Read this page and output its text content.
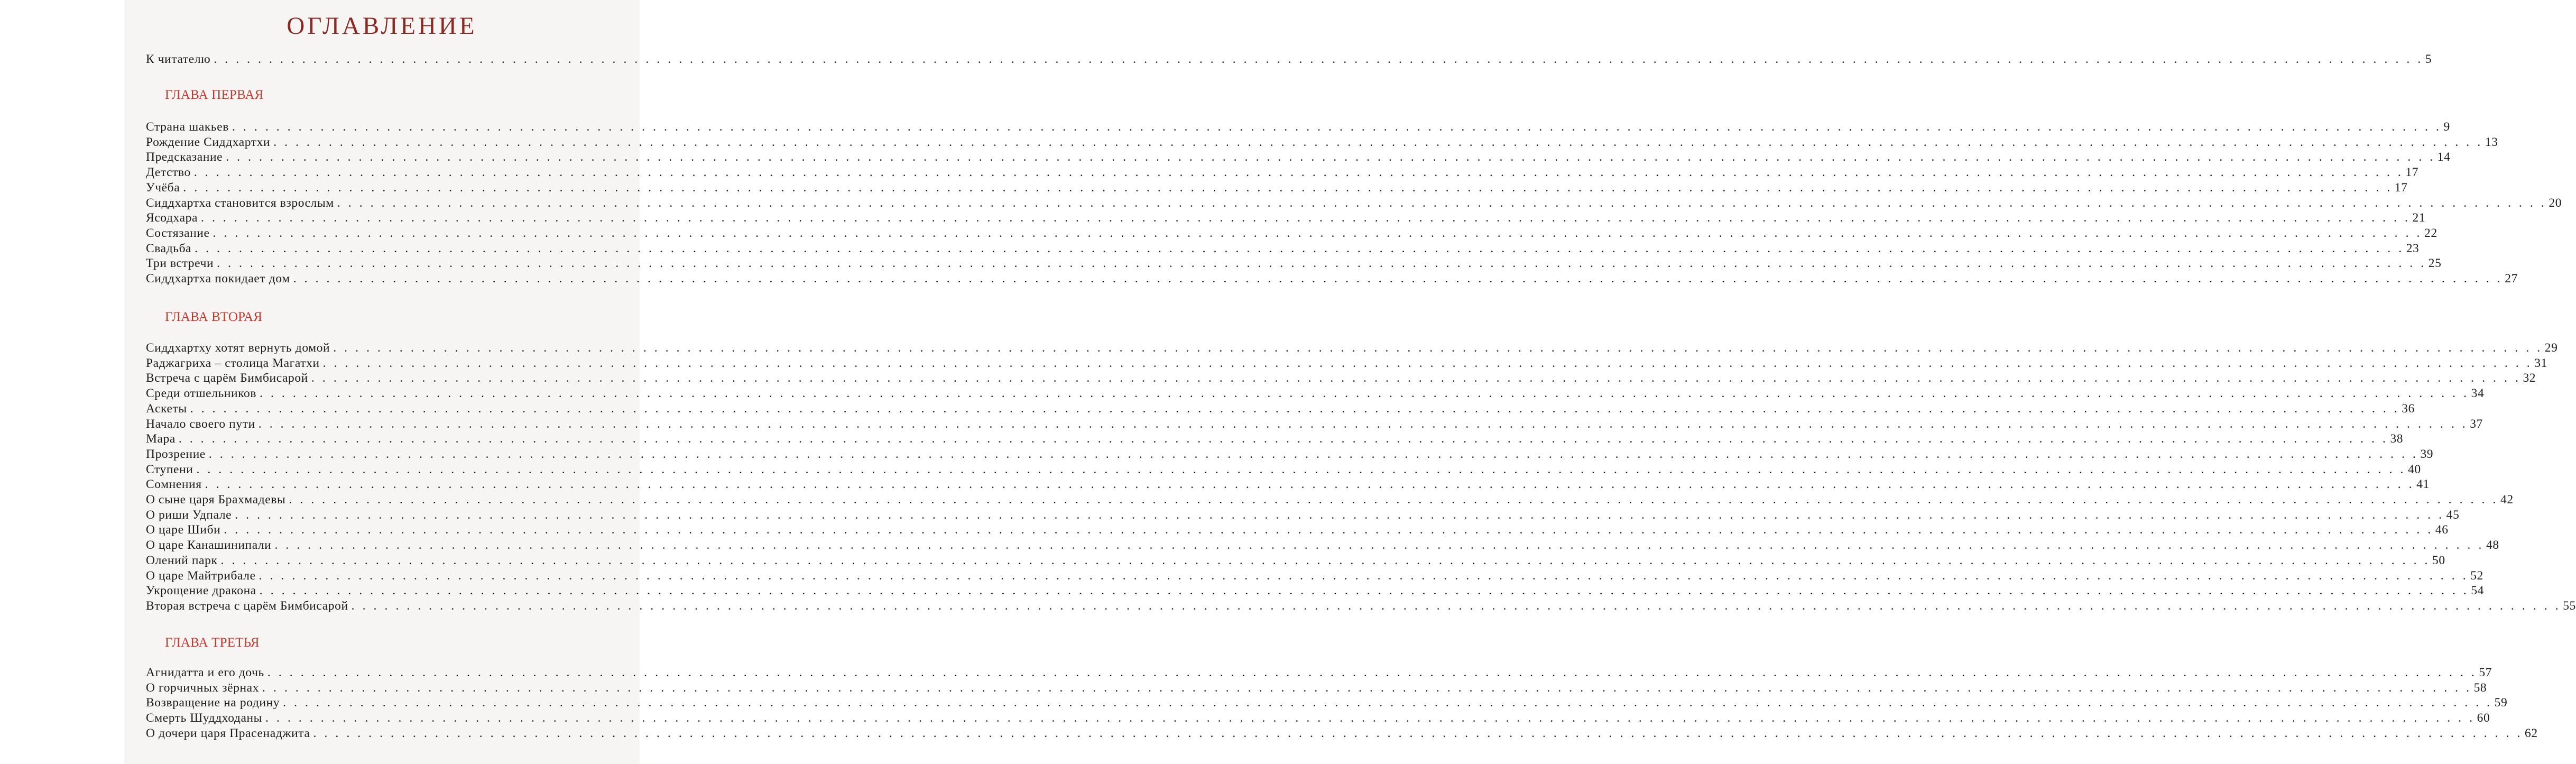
ОГЛАВЛЕНИЕ
К читателю . . . . . . . . . . . . . . . . . . . . . . . . . . . . . . . . . . . . . . . . . . . . . . . . . . . . . . . . . . . . . . . . . . . . . . . . . . . . . . . . . . . . . . . . . . . . . . . . . . . . . . . . . . . . . . . . . . . . . . . . . . . . . . . . . . . . . . . . . . . . . . . . . . . . . . . . . . . . . . . . . . . . . . . . . . . . . . . . . . . . . . . . . . . . . . . . . . . . . . . . 5
ГЛАВА ПЕРВАЯ
Страна шакьев . . . . . . . . . . . . . . . . . . . . . . . . . . . . . . . . . . . . . . . . . . . . . . . . . . . . . . . . . . . . . . . . . . . . . . . . . . . . . . . . . . . . . . . . . . . . . . . . . . . . . . . . . . . . . . . . . . . . . . . . . . . . . . . . . . . . . . . . . . . . . . . . . . . . . . . . . . . . . . . . . . . . . . . . . . . . . . . . . . . . . . . . . . . . . . . . . . . . . . . . 9
Рождение Сиддхартхи . . . . . . . . . . . . . . . . . . . . . . . . . . . . . . . . . . . . . . . . . . . . . . . . . . . . . . . . . . . . . . . . . . . . . . . . . . . . . . . . . . . . . . . . . . . . . . . . . . . . . . . . . . . . . . . . . . . . . . . . . . . . . . . . . . . . . . . . . . . . . . . . . . . . . . . . . . . . . . . . . . . . . . . . . . . . . . . . . . . . . . . . . . . . . . . . . . . . . . . . 13
Предсказание . . . . . . . . . . . . . . . . . . . . . . . . . . . . . . . . . . . . . . . . . . . . . . . . . . . . . . . . . . . . . . . . . . . . . . . . . . . . . . . . . . . . . . . . . . . . . . . . . . . . . . . . . . . . . . . . . . . . . . . . . . . . . . . . . . . . . . . . . . . . . . . . . . . . . . . . . . . . . . . . . . . . . . . . . . . . . . . . . . . . . . . . . . . . . . . . . . . . . . . . 14
Детство . . . . . . . . . . . . . . . . . . . . . . . . . . . . . . . . . . . . . . . . . . . . . . . . . . . . . . . . . . . . . . . . . . . . . . . . . . . . . . . . . . . . . . . . . . . . . . . . . . . . . . . . . . . . . . . . . . . . . . . . . . . . . . . . . . . . . . . . . . . . . . . . . . . . . . . . . . . . . . . . . . . . . . . . . . . . . . . . . . . . . . . . . . . . . . . . . . . . . . . . 17
Учёба . . . . . . . . . . . . . . . . . . . . . . . . . . . . . . . . . . . . . . . . . . . . . . . . . . . . . . . . . . . . . . . . . . . . . . . . . . . . . . . . . . . . . . . . . . . . . . . . . . . . . . . . . . . . . . . . . . . . . . . . . . . . . . . . . . . . . . . . . . . . . . . . . . . . . . . . . . . . . . . . . . . . . . . . . . . . . . . . . . . . . . . . . . . . . . . . . . . . . . . . 17
Сиддхартха становится взрослым . . . . . . . . . . . . . . . . . . . . . . . . . . . . . . . . . . . . . . . . . . . . . . . . . . . . . . . . . . . . . . . . . . . . . . . . . . . . . . . . . . . . . . . . . . . . . . . . . . . . . . . . . . . . . . . . . . . . . . . . . . . . . . . . . . . . . . . . . . . . . . . . . . . . . . . . . . . . . . . . . . . . . . . . . . . . . . . . . . . . . . . . . . . . . . . . . . . . . . . . 20
Ясодхара . . . . . . . . . . . . . . . . . . . . . . . . . . . . . . . . . . . . . . . . . . . . . . . . . . . . . . . . . . . . . . . . . . . . . . . . . . . . . . . . . . . . . . . . . . . . . . . . . . . . . . . . . . . . . . . . . . . . . . . . . . . . . . . . . . . . . . . . . . . . . . . . . . . . . . . . . . . . . . . . . . . . . . . . . . . . . . . . . . . . . . . . . . . . . . . . . . . . . . . . 21
Состязание . . . . . . . . . . . . . . . . . . . . . . . . . . . . . . . . . . . . . . . . . . . . . . . . . . . . . . . . . . . . . . . . . . . . . . . . . . . . . . . . . . . . . . . . . . . . . . . . . . . . . . . . . . . . . . . . . . . . . . . . . . . . . . . . . . . . . . . . . . . . . . . . . . . . . . . . . . . . . . . . . . . . . . . . . . . . . . . . . . . . . . . . . . . . . . . . . . . . . . . . 22
Свадьба . . . . . . . . . . . . . . . . . . . . . . . . . . . . . . . . . . . . . . . . . . . . . . . . . . . . . . . . . . . . . . . . . . . . . . . . . . . . . . . . . . . . . . . . . . . . . . . . . . . . . . . . . . . . . . . . . . . . . . . . . . . . . . . . . . . . . . . . . . . . . . . . . . . . . . . . . . . . . . . . . . . . . . . . . . . . . . . . . . . . . . . . . . . . . . . . . . . . . . . . 23
Три встречи . . . . . . . . . . . . . . . . . . . . . . . . . . . . . . . . . . . . . . . . . . . . . . . . . . . . . . . . . . . . . . . . . . . . . . . . . . . . . . . . . . . . . . . . . . . . . . . . . . . . . . . . . . . . . . . . . . . . . . . . . . . . . . . . . . . . . . . . . . . . . . . . . . . . . . . . . . . . . . . . . . . . . . . . . . . . . . . . . . . . . . . . . . . . . . . . . . . . . . . . 25
Сиддхартха покидает дом . . . . . . . . . . . . . . . . . . . . . . . . . . . . . . . . . . . . . . . . . . . . . . . . . . . . . . . . . . . . . . . . . . . . . . . . . . . . . . . . . . . . . . . . . . . . . . . . . . . . . . . . . . . . . . . . . . . . . . . . . . . . . . . . . . . . . . . . . . . . . . . . . . . . . . . . . . . . . . . . . . . . . . . . . . . . . . . . . . . . . . . . . . . . . . . . . . . . . . . . 27
ГЛАВА ВТОРАЯ
Сиддхартху хотят вернуть домой . . . . . . . . . . . . . . . . . . . . . . . . . . . . . . . . . . . . . . . . . . . . . . . . . . . . . . . . . . . . . . . . . . . . . . . . . . . . . . . . . . . . . . . . . . . . . . . . . . . . . . . . . . . . . . . . . . . . . . . . . . . . . . . . . . . . . . . . . . . . . . . . . . . . . . . . . . . . . . . . . . . . . . . . . . . . . . . . . . . . . . . . . . . . . . . . . . . . . . . . 29
Раджагриха – столица Магатхи . . . . . . . . . . . . . . . . . . . . . . . . . . . . . . . . . . . . . . . . . . . . . . . . . . . . . . . . . . . . . . . . . . . . . . . . . . . . . . . . . . . . . . . . . . . . . . . . . . . . . . . . . . . . . . . . . . . . . . . . . . . . . . . . . . . . . . . . . . . . . . . . . . . . . . . . . . . . . . . . . . . . . . . . . . . . . . . . . . . . . . . . . . . . . . . . . . . . . . . . 31
Встреча с царём Бимбисарой . . . . . . . . . . . . . . . . . . . . . . . . . . . . . . . . . . . . . . . . . . . . . . . . . . . . . . . . . . . . . . . . . . . . . . . . . . . . . . . . . . . . . . . . . . . . . . . . . . . . . . . . . . . . . . . . . . . . . . . . . . . . . . . . . . . . . . . . . . . . . . . . . . . . . . . . . . . . . . . . . . . . . . . . . . . . . . . . . . . . . . . . . . . . . . . . . . . . . . . . 32
Среди отшельников . . . . . . . . . . . . . . . . . . . . . . . . . . . . . . . . . . . . . . . . . . . . . . . . . . . . . . . . . . . . . . . . . . . . . . . . . . . . . . . . . . . . . . . . . . . . . . . . . . . . . . . . . . . . . . . . . . . . . . . . . . . . . . . . . . . . . . . . . . . . . . . . . . . . . . . . . . . . . . . . . . . . . . . . . . . . . . . . . . . . . . . . . . . . . . . . . . . . . . . . 34
Аскеты . . . . . . . . . . . . . . . . . . . . . . . . . . . . . . . . . . . . . . . . . . . . . . . . . . . . . . . . . . . . . . . . . . . . . . . . . . . . . . . . . . . . . . . . . . . . . . . . . . . . . . . . . . . . . . . . . . . . . . . . . . . . . . . . . . . . . . . . . . . . . . . . . . . . . . . . . . . . . . . . . . . . . . . . . . . . . . . . . . . . . . . . . . . . . . . . . . . . . . . . 36
Начало своего пути . . . . . . . . . . . . . . . . . . . . . . . . . . . . . . . . . . . . . . . . . . . . . . . . . . . . . . . . . . . . . . . . . . . . . . . . . . . . . . . . . . . . . . . . . . . . . . . . . . . . . . . . . . . . . . . . . . . . . . . . . . . . . . . . . . . . . . . . . . . . . . . . . . . . . . . . . . . . . . . . . . . . . . . . . . . . . . . . . . . . . . . . . . . . . . . . . . . . . . . . 37
Мара . . . . . . . . . . . . . . . . . . . . . . . . . . . . . . . . . . . . . . . . . . . . . . . . . . . . . . . . . . . . . . . . . . . . . . . . . . . . . . . . . . . . . . . . . . . . . . . . . . . . . . . . . . . . . . . . . . . . . . . . . . . . . . . . . . . . . . . . . . . . . . . . . . . . . . . . . . . . . . . . . . . . . . . . . . . . . . . . . . . . . . . . . . . . . . . . . . . . . . . . 38
Прозрение . . . . . . . . . . . . . . . . . . . . . . . . . . . . . . . . . . . . . . . . . . . . . . . . . . . . . . . . . . . . . . . . . . . . . . . . . . . . . . . . . . . . . . . . . . . . . . . . . . . . . . . . . . . . . . . . . . . . . . . . . . . . . . . . . . . . . . . . . . . . . . . . . . . . . . . . . . . . . . . . . . . . . . . . . . . . . . . . . . . . . . . . . . . . . . . . . . . . . . . . 39
Ступени . . . . . . . . . . . . . . . . . . . . . . . . . . . . . . . . . . . . . . . . . . . . . . . . . . . . . . . . . . . . . . . . . . . . . . . . . . . . . . . . . . . . . . . . . . . . . . . . . . . . . . . . . . . . . . . . . . . . . . . . . . . . . . . . . . . . . . . . . . . . . . . . . . . . . . . . . . . . . . . . . . . . . . . . . . . . . . . . . . . . . . . . . . . . . . . . . . . . . . . . 40
Сомнения . . . . . . . . . . . . . . . . . . . . . . . . . . . . . . . . . . . . . . . . . . . . . . . . . . . . . . . . . . . . . . . . . . . . . . . . . . . . . . . . . . . . . . . . . . . . . . . . . . . . . . . . . . . . . . . . . . . . . . . . . . . . . . . . . . . . . . . . . . . . . . . . . . . . . . . . . . . . . . . . . . . . . . . . . . . . . . . . . . . . . . . . . . . . . . . . . . . . . . . . 41
О сыне царя Брахмадевы . . . . . . . . . . . . . . . . . . . . . . . . . . . . . . . . . . . . . . . . . . . . . . . . . . . . . . . . . . . . . . . . . . . . . . . . . . . . . . . . . . . . . . . . . . . . . . . . . . . . . . . . . . . . . . . . . . . . . . . . . . . . . . . . . . . . . . . . . . . . . . . . . . . . . . . . . . . . . . . . . . . . . . . . . . . . . . . . . . . . . . . . . . . . . . . . . . . . . . . . 42
О риши Удпале . . . . . . . . . . . . . . . . . . . . . . . . . . . . . . . . . . . . . . . . . . . . . . . . . . . . . . . . . . . . . . . . . . . . . . . . . . . . . . . . . . . . . . . . . . . . . . . . . . . . . . . . . . . . . . . . . . . . . . . . . . . . . . . . . . . . . . . . . . . . . . . . . . . . . . . . . . . . . . . . . . . . . . . . . . . . . . . . . . . . . . . . . . . . . . . . . . . . . . . . 45
О царе Шиби . . . . . . . . . . . . . . . . . . . . . . . . . . . . . . . . . . . . . . . . . . . . . . . . . . . . . . . . . . . . . . . . . . . . . . . . . . . . . . . . . . . . . . . . . . . . . . . . . . . . . . . . . . . . . . . . . . . . . . . . . . . . . . . . . . . . . . . . . . . . . . . . . . . . . . . . . . . . . . . . . . . . . . . . . . . . . . . . . . . . . . . . . . . . . . . . . . . . . . . . 46
О царе Канашинипали . . . . . . . . . . . . . . . . . . . . . . . . . . . . . . . . . . . . . . . . . . . . . . . . . . . . . . . . . . . . . . . . . . . . . . . . . . . . . . . . . . . . . . . . . . . . . . . . . . . . . . . . . . . . . . . . . . . . . . . . . . . . . . . . . . . . . . . . . . . . . . . . . . . . . . . . . . . . . . . . . . . . . . . . . . . . . . . . . . . . . . . . . . . . . . . . . . . . . . . . 48
Олений парк . . . . . . . . . . . . . . . . . . . . . . . . . . . . . . . . . . . . . . . . . . . . . . . . . . . . . . . . . . . . . . . . . . . . . . . . . . . . . . . . . . . . . . . . . . . . . . . . . . . . . . . . . . . . . . . . . . . . . . . . . . . . . . . . . . . . . . . . . . . . . . . . . . . . . . . . . . . . . . . . . . . . . . . . . . . . . . . . . . . . . . . . . . . . . . . . . . . . . . . . 50
О царе Майтрибале . . . . . . . . . . . . . . . . . . . . . . . . . . . . . . . . . . . . . . . . . . . . . . . . . . . . . . . . . . . . . . . . . . . . . . . . . . . . . . . . . . . . . . . . . . . . . . . . . . . . . . . . . . . . . . . . . . . . . . . . . . . . . . . . . . . . . . . . . . . . . . . . . . . . . . . . . . . . . . . . . . . . . . . . . . . . . . . . . . . . . . . . . . . . . . . . . . . . . . . . 52
Укрощение дракона . . . . . . . . . . . . . . . . . . . . . . . . . . . . . . . . . . . . . . . . . . . . . . . . . . . . . . . . . . . . . . . . . . . . . . . . . . . . . . . . . . . . . . . . . . . . . . . . . . . . . . . . . . . . . . . . . . . . . . . . . . . . . . . . . . . . . . . . . . . . . . . . . . . . . . . . . . . . . . . . . . . . . . . . . . . . . . . . . . . . . . . . . . . . . . . . . . . . . . . . 54
Вторая встреча с царём Бимбисарой . . . . . . . . . . . . . . . . . . . . . . . . . . . . . . . . . . . . . . . . . . . . . . . . . . . . . . . . . . . . . . . . . . . . . . . . . . . . . . . . . . . . . . . . . . . . . . . . . . . . . . . . . . . . . . . . . . . . . . . . . . . . . . . . . . . . . . . . . . . . . . . . . . . . . . . . . . . . . . . . . . . . . . . . . . . . . . . . . . . . . . . . . . . . . . . . . . . . . . . . 55
ГЛАВА ТРЕТЬЯ
Агнидатта и его дочь . . . . . . . . . . . . . . . . . . . . . . . . . . . . . . . . . . . . . . . . . . . . . . . . . . . . . . . . . . . . . . . . . . . . . . . . . . . . . . . . . . . . . . . . . . . . . . . . . . . . . . . . . . . . . . . . . . . . . . . . . . . . . . . . . . . . . . . . . . . . . . . . . . . . . . . . . . . . . . . . . . . . . . . . . . . . . . . . . . . . . . . . . . . . . . . . . . . . . . . . 57
О горчичных зёрнах . . . . . . . . . . . . . . . . . . . . . . . . . . . . . . . . . . . . . . . . . . . . . . . . . . . . . . . . . . . . . . . . . . . . . . . . . . . . . . . . . . . . . . . . . . . . . . . . . . . . . . . . . . . . . . . . . . . . . . . . . . . . . . . . . . . . . . . . . . . . . . . . . . . . . . . . . . . . . . . . . . . . . . . . . . . . . . . . . . . . . . . . . . . . . . . . . . . . . . . . 58
Возвращение на родину . . . . . . . . . . . . . . . . . . . . . . . . . . . . . . . . . . . . . . . . . . . . . . . . . . . . . . . . . . . . . . . . . . . . . . . . . . . . . . . . . . . . . . . . . . . . . . . . . . . . . . . . . . . . . . . . . . . . . . . . . . . . . . . . . . . . . . . . . . . . . . . . . . . . . . . . . . . . . . . . . . . . . . . . . . . . . . . . . . . . . . . . . . . . . . . . . . . . . . . . 59
Смерть Шуддходаны . . . . . . . . . . . . . . . . . . . . . . . . . . . . . . . . . . . . . . . . . . . . . . . . . . . . . . . . . . . . . . . . . . . . . . . . . . . . . . . . . . . . . . . . . . . . . . . . . . . . . . . . . . . . . . . . . . . . . . . . . . . . . . . . . . . . . . . . . . . . . . . . . . . . . . . . . . . . . . . . . . . . . . . . . . . . . . . . . . . . . . . . . . . . . . . . . . . . . . . . 60
О дочери царя Прасенаджита . . . . . . . . . . . . . . . . . . . . . . . . . . . . . . . . . . . . . . . . . . . . . . . . . . . . . . . . . . . . . . . . . . . . . . . . . . . . . . . . . . . . . . . . . . . . . . . . . . . . . . . . . . . . . . . . . . . . . . . . . . . . . . . . . . . . . . . . . . . . . . . . . . . . . . . . . . . . . . . . . . . . . . . . . . . . . . . . . . . . . . . . . . . . . . . . . . . . . . . . 62
